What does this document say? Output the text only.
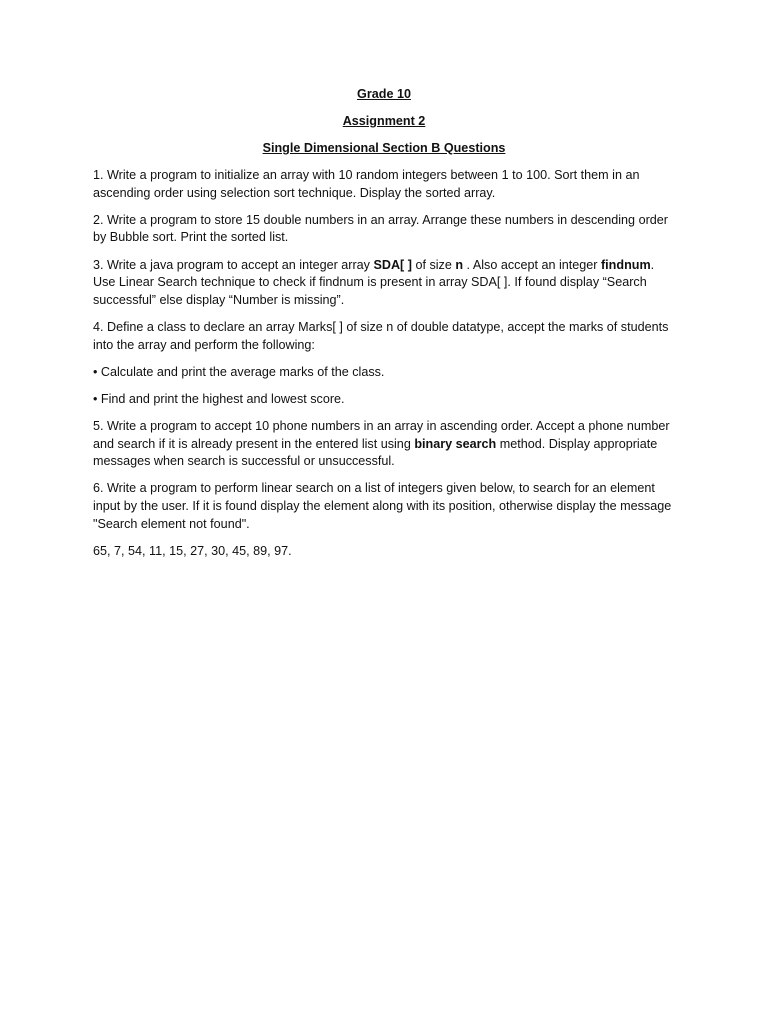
Grade 10

Assignment 2

Single Dimensional Section B Questions

1. Write a program to initialize an array with 10 random integers between 1 to 100. Sort them in an ascending order using selection sort technique. Display the sorted array.

2. Write a program to store 15 double numbers in an array. Arrange these numbers in descending order by Bubble sort. Print the sorted list.

3. Write a java program to accept an integer array SDA[ ] of size n . Also accept an integer findnum. Use Linear Search technique to check if findnum is present in array SDA[ ]. If found display “Search successful” else display “Number is missing”.

4. Define a class to declare an array Marks[ ] of size n of double datatype, accept the marks of students into the array and perform the following:

• Calculate and print the average marks of the class.

• Find and print the highest and lowest score.

5. Write a program to accept 10 phone numbers in an array in ascending order. Accept a phone number and search if it is already present in the entered list using binary search method. Display appropriate messages when search is successful or unsuccessful.

6. Write a program to perform linear search on a list of integers given below, to search for an element input by the user. If it is found display the element along with its position, otherwise display the message "Search element not found".

65, 7, 54, 11, 15, 27, 30, 45, 89, 97.
